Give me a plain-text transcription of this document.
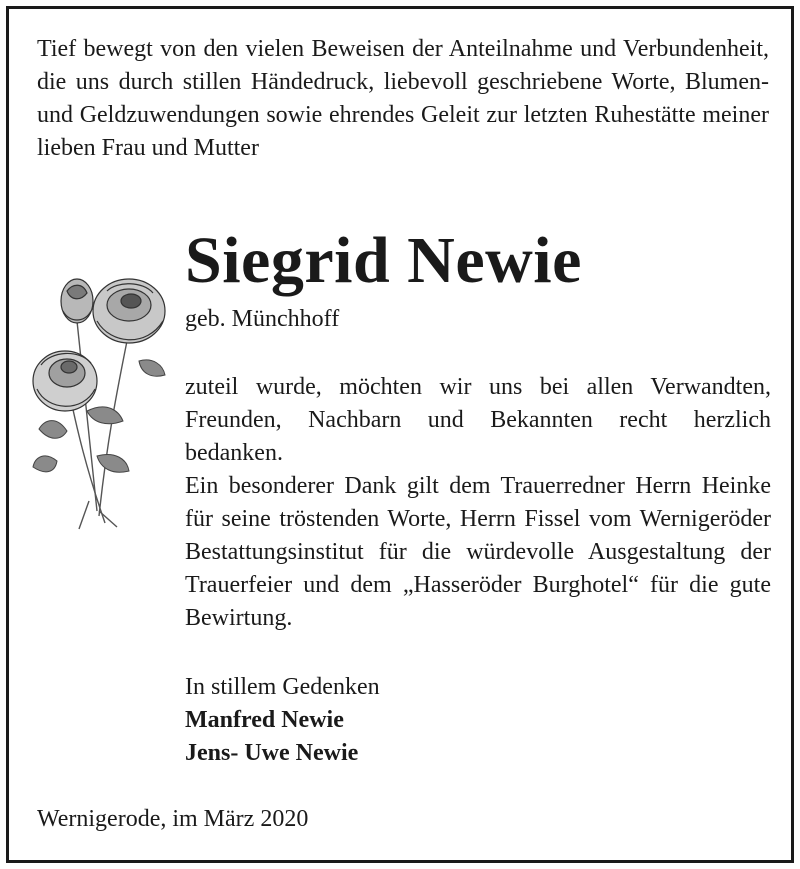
Tief bewegt von den vielen Beweisen der Anteilnahme und Verbundenheit, die uns durch stillen Händedruck, liebevoll geschriebene Worte, Blumen- und Geldzuwendungen sowie ehrendes Geleit zur letzten Ruhestätte meiner lieben Frau und Mutter
Siegrid Newie
geb. Münchhoff

zuteil wurde, möchten wir uns bei allen Verwandten, Freunden, Nachbarn und Bekannten recht herzlich bedanken.

Ein besonderer Dank gilt dem Trauerredner Herrn Heinke für seine tröstenden Worte, Herrn Fissel vom Wernigeröder Bestattungsinstitut für die würdevolle Ausgestaltung der Trauerfeier und dem „Hasseröder Burghotel“ für die gute Bewirtung.

In stillem Gedenken
Manfred Newie
Jens- Uwe Newie
Wernigerode, im März 2020
